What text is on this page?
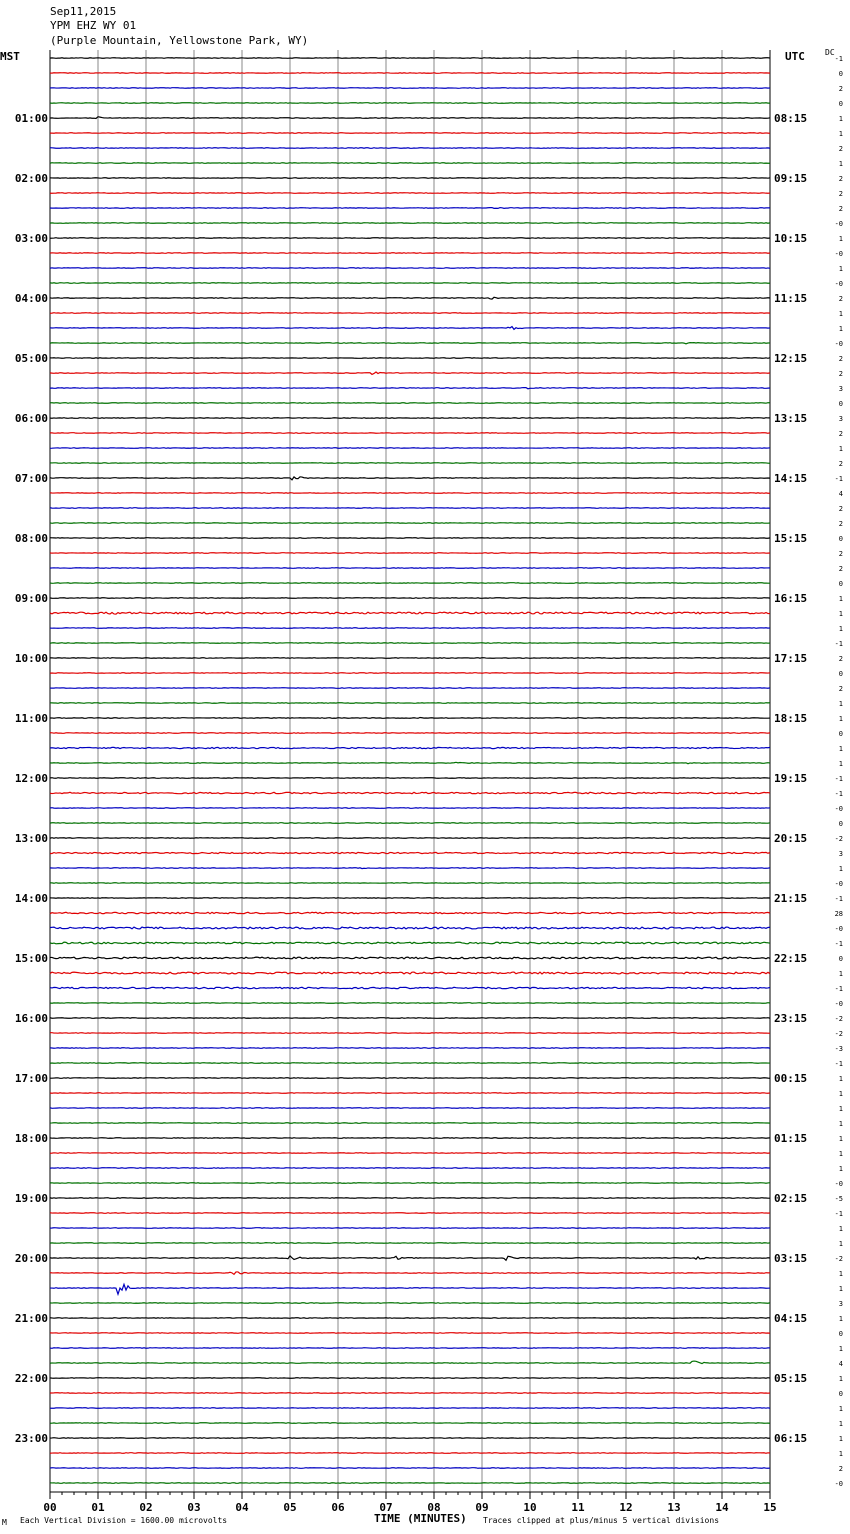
Sep11,2015
YPM EHZ WY 01
(Purple Mountain, Yellowstone Park, WY)
MST	UTC	DC
00	01	02	03	04	05	06	07	08	09	10	11	12	13	14	15
-1
0
2
0
1
1
2
1
2
2
2
-0
1
-0
1
-0
2
1
1
-0
2
2
3
0
3
2
1
2
-1
4
2
2
0
2
2
0
1
1
1
-1
2
0
2
1
1
0
1
1
-1
-1
-0
0
-2
3
1
-0
-1
28
-0
-1
0
1
-1
-0
-2
-2
-3
-1
1
1
1
1
1
1
1
-0
-5
-1
1
1
-2
1
1
3
1
0
1
4
1
0
1
1
1
1
2
-0
01:00	08:15
02:00	09:15
03:00	10:15
04:00	11:15
05:00	12:15
06:00	13:15
07:00	14:15
08:00	15:15
09:00	16:15
10:00	17:15
11:00	18:15
12:00	19:15
13:00	20:15
14:00	21:15
15:00	22:15
16:00	23:15
17:00	00:15
18:00	01:15
19:00	02:15
20:00	03:15
21:00	04:15
22:00	05:15
23:00	06:15
M Each Vertical Division = 1600.00 microvolts	TIME (MINUTES) Traces clipped at plus/minus 5 vertical divisions
